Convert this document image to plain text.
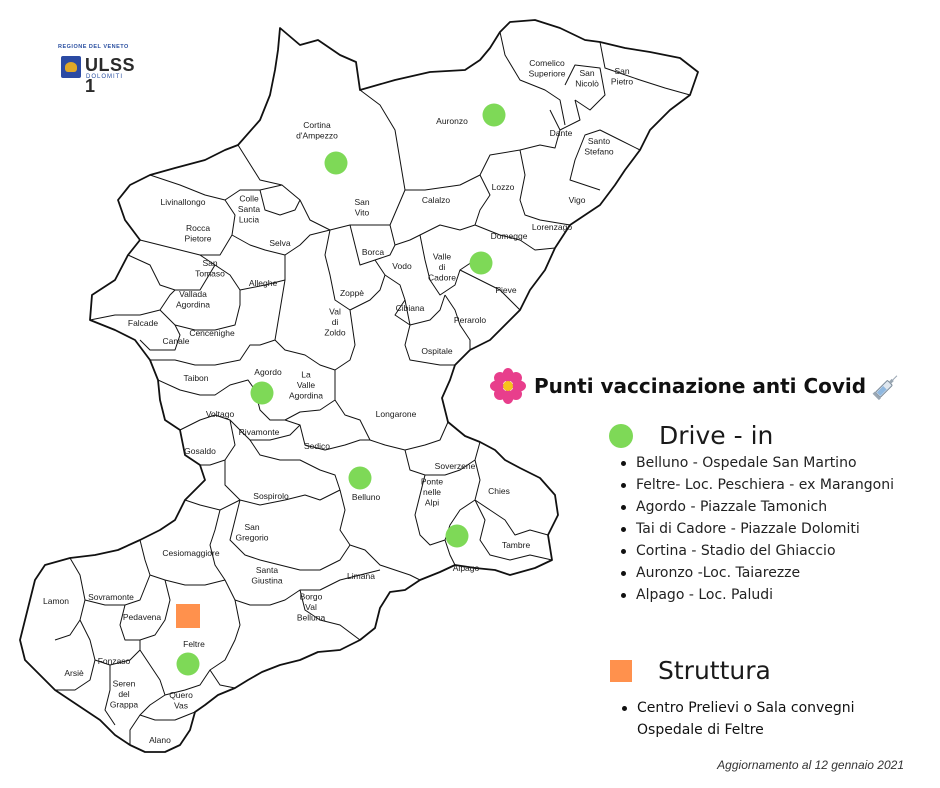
Comelico Superiore	San Nicolò
San Pietro
Auronzo
Dante
Santo Stefano
Cortina d'Ampezzo
Lozzo
Vigo
Livinallongo	Colle Santa Lucia
San Vito
Calalzo
Domegge
Lorenzago
Rocca Pietore	Selva
Borca
Vodo
Valle di Cadore
Pieve
San Tomaso
Alleghe
Zoppè
Cibiana
Vallada Agordina
Falcade
Cencenighe
Canale
Val di Zoldo
Perarolo
Ospitale
Taibon
Agordo	La Valle Agordina
Voltago	Longarone
Rivamonte
Sedico
Gosaldo
Soverzene
Chies
Sospirolo	Belluno
Ponte nelle Alpi
San Gregorio
Tambre
Cesiomaggiore
Alpago
Santa Giustina	Limana
Lamon Sovramonte
Pedavena
Borgo Val Belluna
Feltre
Arsiè
Fonzaso
Seren del Grappa
Quero Vas
Alano
REGIONE DEL VENETO
ULSS 1
DOLOMITI
Punti vaccinazione anti Covid
Drive - in
Belluno - Ospedale San Martino
Feltre- Loc. Peschiera - ex Marangoni
Agordo - Piazzale Tamonich
Tai di Cadore - Piazzale Dolomiti
Cortina - Stadio del Ghiaccio
Auronzo -Loc. Taiarezze
Alpago - Loc. Paludi
Struttura
Centro Prelievi o Sala convegni
Ospedale di Feltre
Aggiornamento al 12 gennaio 2021
